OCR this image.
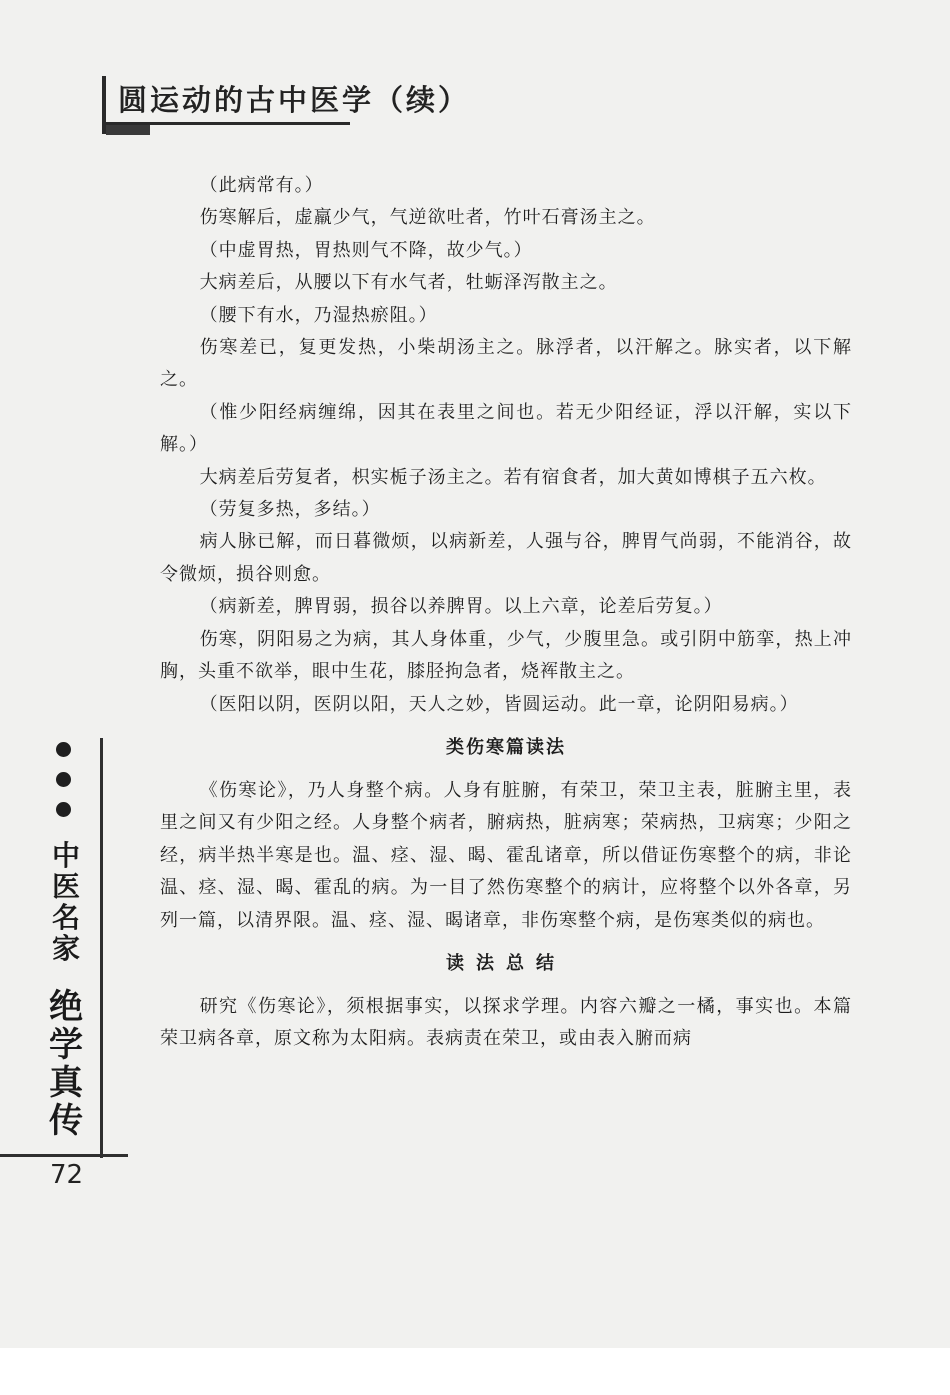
圆运动的古中医学（续）

（此病常有。）

伤寒解后，虚羸少气，气逆欲吐者，竹叶石膏汤主之。

（中虚胃热，胃热则气不降，故少气。）

大病差后，从腰以下有水气者，牡蛎泽泻散主之。

（腰下有水，乃湿热瘀阻。）

伤寒差已，复更发热，小柴胡汤主之。脉浮者，以汗解之。脉实者，以下解之。

（惟少阳经病缠绵，因其在表里之间也。若无少阳经证，浮以汗解，实以下解。）

大病差后劳复者，枳实栀子汤主之。若有宿食者，加大黄如博棋子五六枚。

（劳复多热，多结。）

病人脉已解，而日暮微烦，以病新差，人强与谷，脾胃气尚弱，不能消谷，故令微烦，损谷则愈。

（病新差，脾胃弱，损谷以养脾胃。以上六章，论差后劳复。）

伤寒，阴阳易之为病，其人身体重，少气，少腹里急。或引阴中筋挛，热上冲胸，头重不欲举，眼中生花，膝胫拘急者，烧裈散主之。

（医阳以阴，医阴以阳，天人之妙，皆圆运动。此一章，论阴阳易病。）

类伤寒篇读法

《伤寒论》，乃人身整个病。人身有脏腑，有荣卫，荣卫主表，脏腑主里，表里之间又有少阳之经。人身整个病者，腑病热，脏病寒；荣病热，卫病寒；少阳之经，病半热半寒是也。温、痉、湿、暍、霍乱诸章，所以借证伤寒整个的病，非论温、痉、湿、暍、霍乱的病。为一目了然伤寒整个的病计，应将整个以外各章，另列一篇，以清界限。温、痉、湿、暍诸章，非伤寒整个病，是伤寒类似的病也。

读法总结

研究《伤寒论》，须根据事实，以探求学理。内容六瓣之一橘，事实也。本篇荣卫病各章，原文称为太阳病。表病责在荣卫，或由表入腑而病

中医名家
绝学真传
72
